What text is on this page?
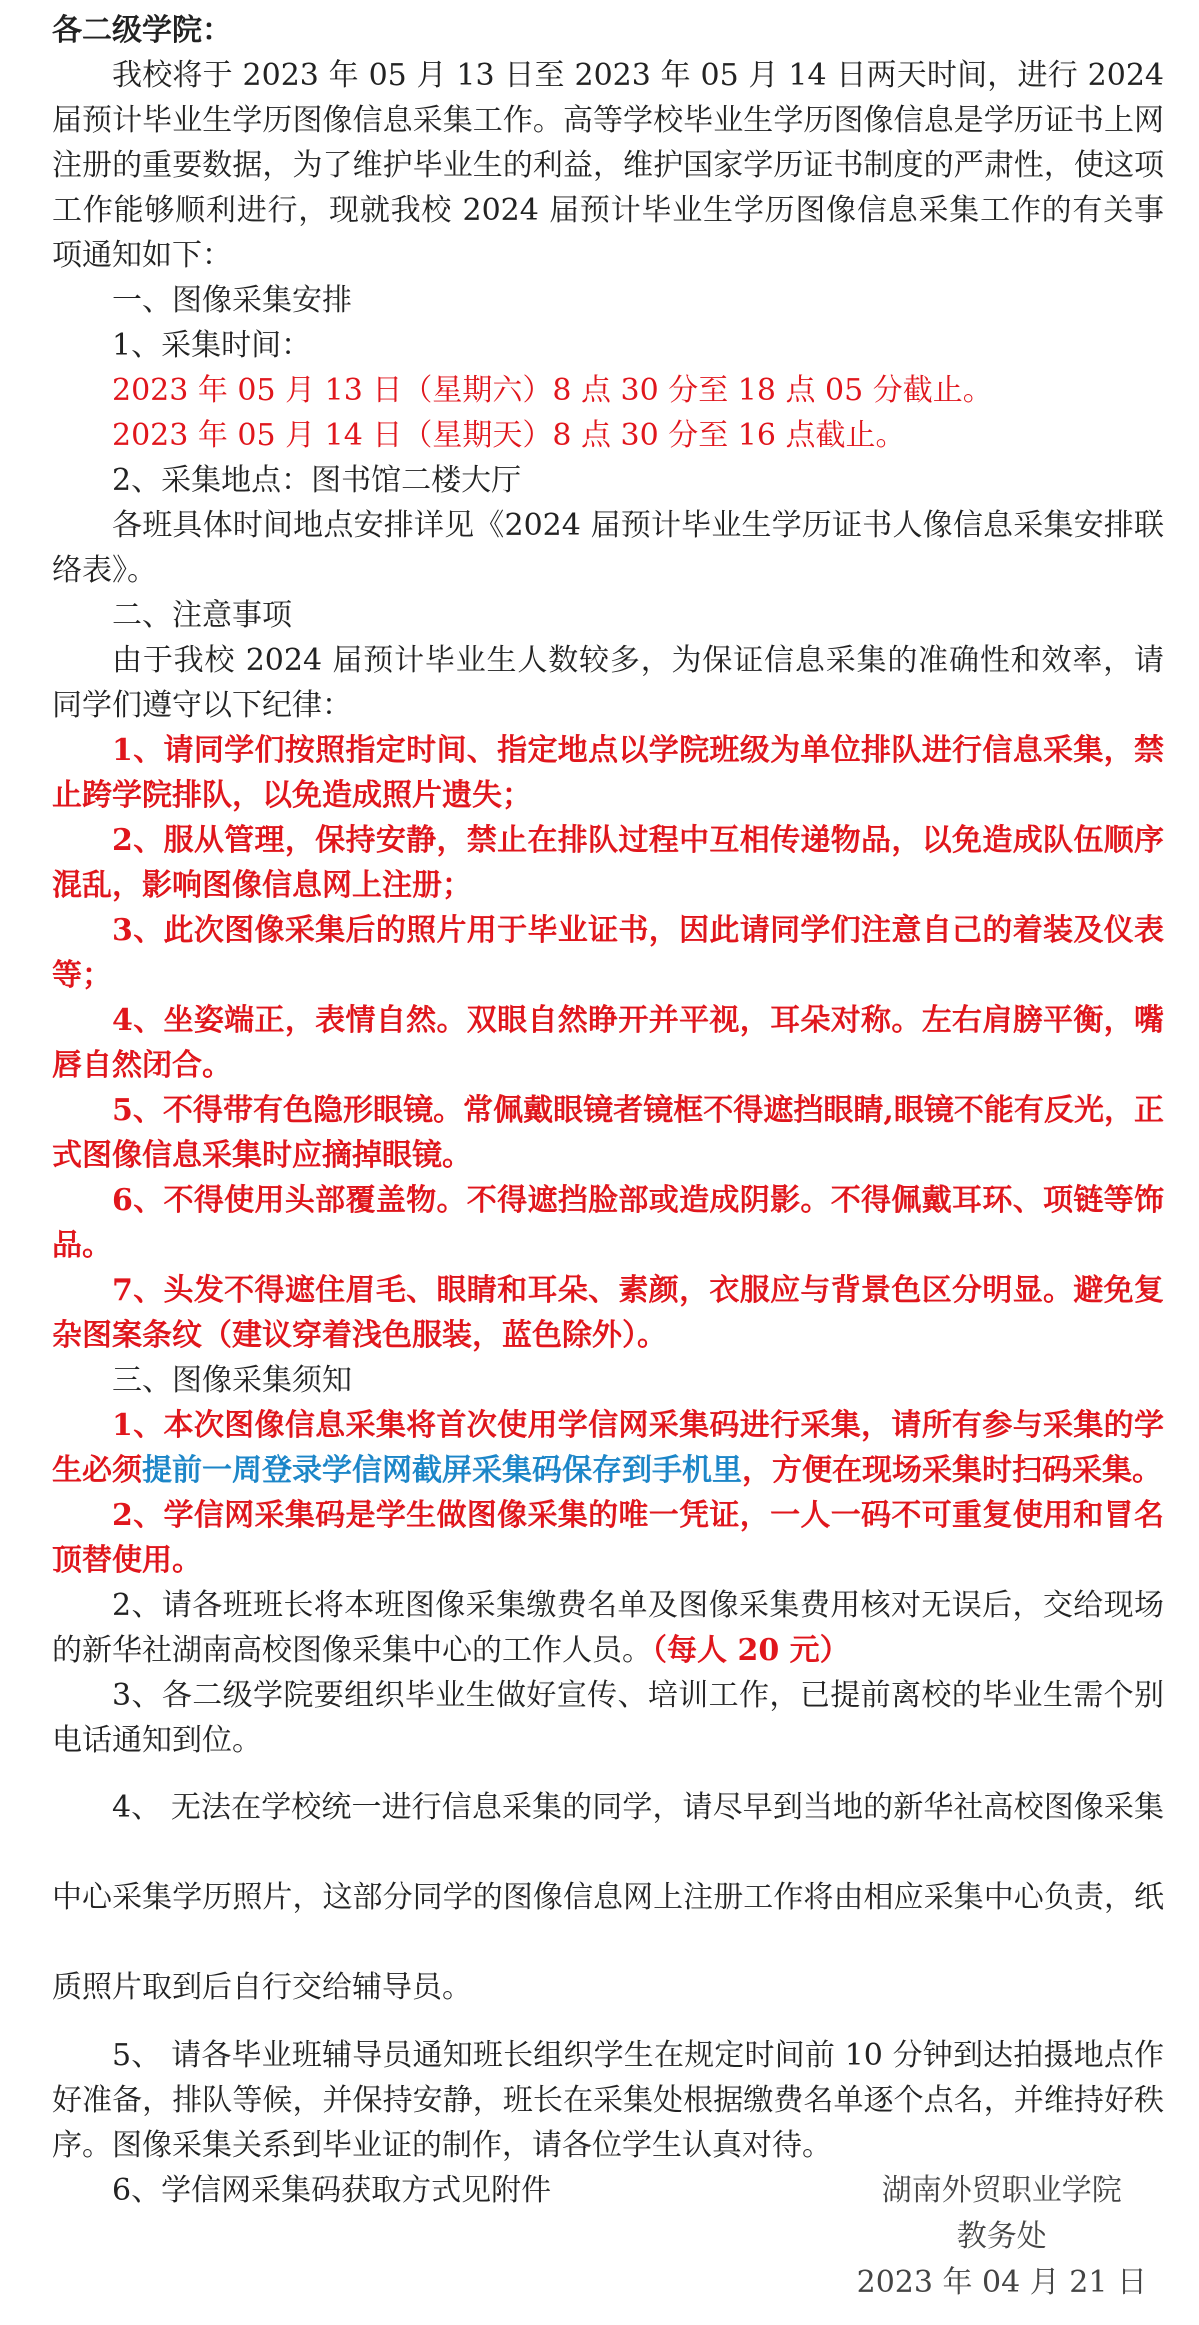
各二级学院：

我校将于 2023 年 05 月 13 日至 2023 年 05 月 14 日两天时间，进行 2024 届预计毕业生学历图像信息采集工作。高等学校毕业生学历图像信息是学历证书上网注册的重要数据，为了维护毕业生的利益，维护国家学历证书制度的严肃性，使这项工作能够顺利进行，现就我校 2024 届预计毕业生学历图像信息采集工作的有关事项通知如下：

一、图像采集安排

1、采集时间：

2023 年 05 月 13 日（星期六）8 点 30 分至 18 点 05 分截止。

2023 年 05 月 14 日（星期天）8 点 30 分至 16 点截止。

2、采集地点：图书馆二楼大厅

各班具体时间地点安排详见《2024 届预计毕业生学历证书人像信息采集安排联络表》。

二、注意事项

由于我校 2024 届预计毕业生人数较多，为保证信息采集的准确性和效率，请同学们遵守以下纪律：

1、请同学们按照指定时间、指定地点以学院班级为单位排队进行信息采集，禁止跨学院排队，以免造成照片遗失；

2、服从管理，保持安静，禁止在排队过程中互相传递物品，以免造成队伍顺序混乱，影响图像信息网上注册；

3、此次图像采集后的照片用于毕业证书，因此请同学们注意自己的着装及仪表等；

4、坐姿端正，表情自然。双眼自然睁开并平视，耳朵对称。左右肩膀平衡，嘴唇自然闭合。

5、不得带有色隐形眼镜。常佩戴眼镜者镜框不得遮挡眼睛,眼镜不能有反光，正式图像信息采集时应摘掉眼镜。

6、不得使用头部覆盖物。不得遮挡脸部或造成阴影。不得佩戴耳环、项链等饰品。

7、头发不得遮住眉毛、眼睛和耳朵、素颜，衣服应与背景色区分明显。避免复杂图案条纹（建议穿着浅色服装，蓝色除外）。

三、图像采集须知

1、本次图像信息采集将首次使用学信网采集码进行采集，请所有参与采集的学生必须提前一周登录学信网截屏采集码保存到手机里，方便在现场采集时扫码采集。

2、学信网采集码是学生做图像采集的唯一凭证，一人一码不可重复使用和冒名顶替使用。

2、请各班班长将本班图像采集缴费名单及图像采集费用核对无误后，交给现场的新华社湖南高校图像采集中心的工作人员。（每人 20 元）

3、各二级学院要组织毕业生做好宣传、培训工作，已提前离校的毕业生需个别电话通知到位。

4、 无法在学校统一进行信息采集的同学，请尽早到当地的新华社高校图像采集中心采集学历照片，这部分同学的图像信息网上注册工作将由相应采集中心负责，纸质照片取到后自行交给辅导员。

5、 请各毕业班辅导员通知班长组织学生在规定时间前 10 分钟到达拍摄地点作好准备，排队等候，并保持安静，班长在采集处根据缴费名单逐个点名，并维持好秩序。图像采集关系到毕业证的制作，请各位学生认真对待。

6、学信网采集码获取方式见附件	湖南外贸职业学院
教务处
2023 年 04 月 21 日
